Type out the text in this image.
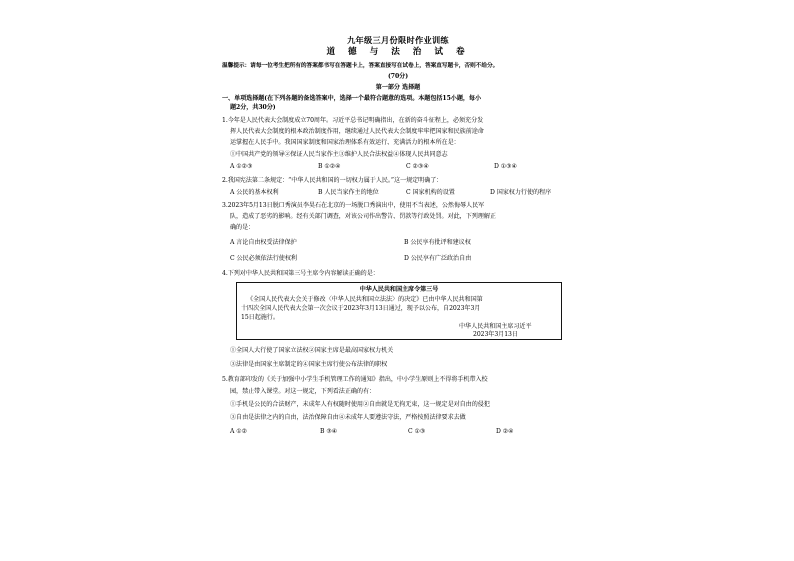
九年级三月份限时作业训练
道 德 与 法 治 试 卷
温馨提示：请每一位考生把所有的答案都书写在答题卡上，答案直接写在试卷上，答案直写题卡，否则不给分。
(70分)
第一部分 选择题
一、单项选择题(在下列各题的备选答案中，选择一个最符合题意的选项。本题包括15小题，每小
题2分，共30分)
1.今年是人民代表大会制度成立70周年。习近平总书记明确指出，在新的奋斗征程上，必须充分发
挥人民代表大会制度的根本政治制度作用，继续通过人民代表大会制度牢牢把国家和民族前途命
运掌握在人民手中。我国国家制度和国家治理体系有效运行、充满活力的根本所在是：
①中国共产党的领导②保证人民当家作主③维护人民合法权益④体现人民共同意志
A ①②③	B ①②④	C ②③④	D ①③④
2.我国宪法第二条规定：“中华人民共和国的一切权力属于人民。”这一规定明确了：
A 公民的基本权利	B 人民当家作主的地位	C 国家机构的设置	D 国家权力行使的程序
3.2023年5月13日脱口秀演员李昊石在北京的一场脱口秀演出中，使用不当表述，公然侮辱人民军
队，造成了恶劣的影响。经有关部门调查，对该公司作出警告、罚款等行政处罚。对此，下列理解正
确的是：
A 言论自由权受法律保护	B 公民享有批评和建议权
C 公民必须依法行使权利	D 公民享有广泛政治自由
4.下列对中华人民共和国第三号主席令内容解读正确的是：
中华人民共和国主席令第三号
《全国人民代表大会关于修改〈中华人民共和国立法法〉的决定》已由中华人民共和国第
十四次全国人民代表大会第一次会议于2023年3月13日通过，现予以公布，自2023年3月
15日起施行。
中华人民共和国主席习近平
2023年3月13日
①全国人大行使了国家立法权②国家主席是最高国家权力机关
③法律是由国家主席制定的④国家主席行使公布法律的职权
5.教育部印发的《关于加强中小学生手机管理工作的通知》指出，中小学生原则上不得将手机带入校
园，禁止带入课堂。对这一规定，下列看法正确的有：
①手机是公民的合法财产，未成年人有权随时使用②自由就是无拘无束，这一规定是对自由的侵犯
③自由是法律之内的自由，法治保障自由④未成年人要遵法守法，严格按照法律要求去做
A ①②	B ③④	C ①③	D ②④
